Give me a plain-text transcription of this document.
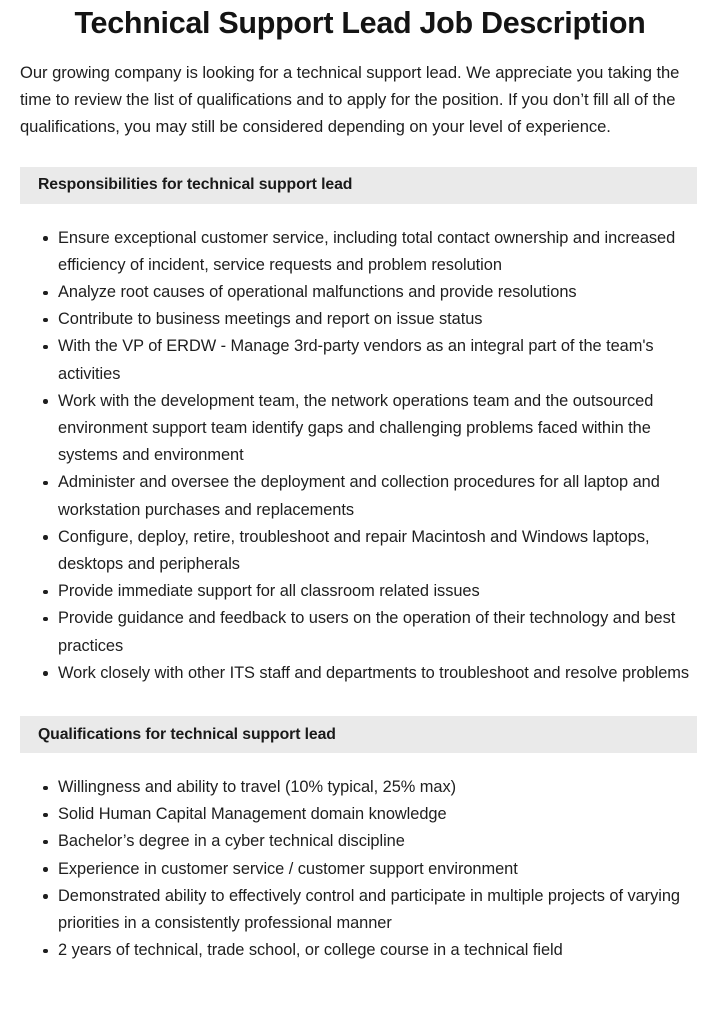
Technical Support Lead Job Description

Our growing company is looking for a technical support lead. We appreciate you taking the time to review the list of qualifications and to apply for the position. If you don’t fill all of the qualifications, you may still be considered depending on your level of experience.

Responsibilities for technical support lead
Ensure exceptional customer service, including total contact ownership and increased efficiency of incident, service requests and problem resolution
Analyze root causes of operational malfunctions and provide resolutions
Contribute to business meetings and report on issue status
With the VP of ERDW - Manage 3rd-party vendors as an integral part of the team's activities
Work with the development team, the network operations team and the outsourced environment support team identify gaps and challenging problems faced within the systems and environment
Administer and oversee the deployment and collection procedures for all laptop and workstation purchases and replacements
Configure, deploy, retire, troubleshoot and repair Macintosh and Windows laptops, desktops and peripherals
Provide immediate support for all classroom related issues
Provide guidance and feedback to users on the operation of their technology and best practices
Work closely with other ITS staff and departments to troubleshoot and resolve problems
Qualifications for technical support lead
Willingness and ability to travel (10% typical, 25% max)
Solid Human Capital Management domain knowledge
Bachelor’s degree in a cyber technical discipline
Experience in customer service / customer support environment
Demonstrated ability to effectively control and participate in multiple projects of varying priorities in a consistently professional manner
2 years of technical, trade school, or college course in a technical field
